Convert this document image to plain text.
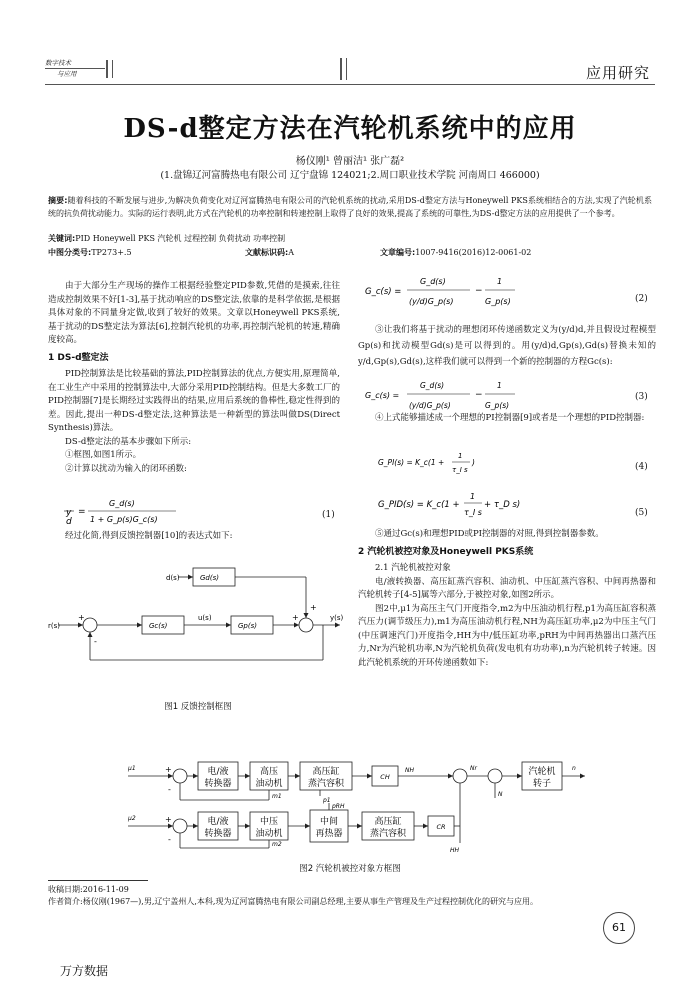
数字技术
与应用	应用研究
DS-d整定方法在汽轮机系统中的应用
杨仪刚¹ 曾丽洁¹ 张广磊²
(1.盘锦辽河富腾热电有限公司 辽宁盘锦 124021;2.周口职业技术学院 河南周口 466000)
摘要:随着科技的不断发展与进步,为解决负荷变化对辽河富腾热电有限公司的汽轮机系统的扰动,采用DS-d整定方法与Honeywell PKS系统相结合的方法,实现了汽轮机系统的抗负荷扰动能力。实际的运行表明,此方式在汽轮机的功率控制和转速控制上取得了良好的效果,提高了系统的可靠性,为DS-d整定方法的应用提供了一个参考。
关键词:PID Honeywell PKS 汽轮机 过程控制 负荷扰动 功率控制
中图分类号:TP273+.5	文献标识码:A	文章编号:1007-9416(2016)12-0061-02

由于大部分生产现场的操作工根据经验整定PID参数,凭借的是摸索,往往造成控制效果不好[1-3],基于扰动响应的DS整定法,依靠的是科学依据,是根据具体对象的不同量身定做,收到了较好的效果。文章以Honeywell PKS系统,基于扰动的DS整定法为算法[6],控制汽轮机的功率,再控制汽轮机的转速,精确度较高。

1 DS-d整定法

PID控制算法是比较基础的算法,PID控制算法的优点,方便实用,原理简单,在工业生产中采用的控制算法中,大部分采用PID控制结构。但是大多数工厂的PID控制器[7]是长期经过实践得出的结果,应用后系统的鲁棒性,稳定性得到的差。因此,提出一种DS-d整定法,这种算法是一种新型的算法叫做DS(Direct Synthesis)算法。

DS-d整定法的基本步骤如下所示:

①框图,如图1所示。

②计算以扰动为输入的闭环函数:

y
d
=
G_d(s)
1 + G_p(s)G_c(s)	(1)

经过化简,得到反馈控制器[10]的表达式如下:

d(s)	Gd(s)
Gc(s)	Gp(s)
r(s)
u(s)	y(s)
+
-
+
+
图1 反馈控制框图
G_c(s) =
G_d(s)
(y/d)G_p(s)
−
1
G_p(s)	(2)

③让我们将基于扰动的理想闭环传递函数定义为(y/d)d,并且假设过程模型Gp(s)和扰动模型Gd(s)是可以得到的。用(y/d)d,Gp(s),Gd(s)替换未知的y/d,Gp(s),Gd(s),这样我们就可以得到一个新的控制器的方程Gc(s):

G_c(s) =
G_d(s)
(y/d)G_p(s)
−
1
G_p(s)
(3)

④上式能够描述成一个理想的PI控制器[9]或者是一个理想的PID控制器:

G_PI(s) = K_c(1 +
1
τ_I s
)	(4)
G_PID(s) = K_c(1 +
1
τ_I s
+ τ_D s)
(5)

⑤通过Gc(s)和理想PID或PI控制器的对照,得到控制器参数。

2 汽轮机被控对象及Honeywell PKS系统

2.1 汽轮机被控对象

电/液转换器、高压缸蒸汽容积、油动机、中压缸蒸汽容积、中间再热器和汽轮机转子[4-5]属等六部分,于被控对象,如图2所示。

图2中,μ1为高压主气门开度指令,m2为中压油动机行程,p1为高压缸容积蒸汽压力(调节级压力),m1为高压油动机行程,NH为高压缸功率,μ2为中压主气门(中压调速汽门)开度指令,HH为中/低压缸功率,pRH为中间再热器出口蒸汽压力,Nr为汽轮机功率,N为汽轮机负荷(发电机有功功率),n为汽轮机转子转速。因此汽轮机系统的开环传递函数如下:

电/液
转换器
高压
油动机
高压缸
蒸汽容积
CH	汽轮机
转子
电/液
转换器
中压
油动机
中间
再热器
高压缸
蒸汽容积
CR
μ1
μ2
m1
m2
p1
pRH
NH
HH
n
Nr
N
+
-
+
-
图2 汽轮机被控对象方框图
收稿日期:2016-11-09
作者简介:杨仪刚(1967—),男,辽宁盖州人,本科,现为辽河富腾热电有限公司副总经理,主要从事生产管理及生产过程控制优化的研究与应用。
61
万方数据
